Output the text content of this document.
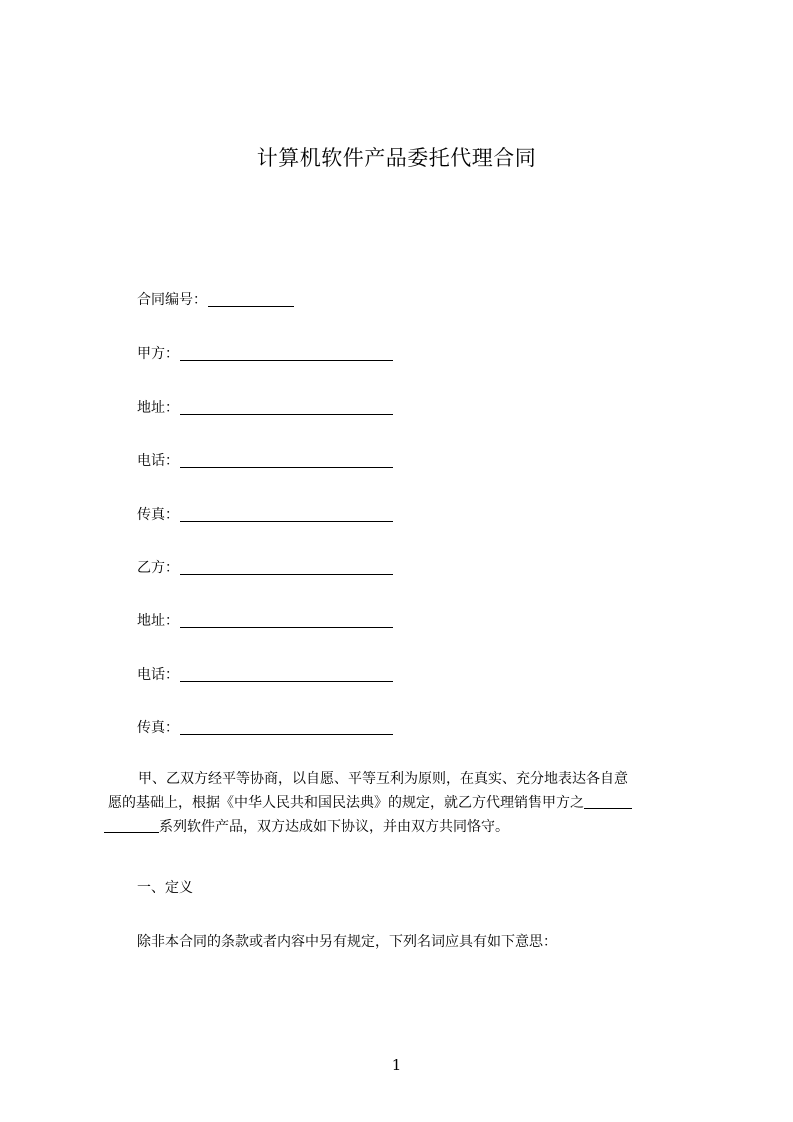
计算机软件产品委托代理合同
合同编号：
甲方：
地址：
电话：
传真：
乙方：
地址：
电话：
传真：
甲、乙双方经平等协商，以自愿、平等互利为原则，在真实、充分地表达各自意
愿的基础上，根据《中华人民共和国民法典》的规定，就乙方代理销售甲方之
系列软件产品，双方达成如下协议，并由双方共同恪守。
一、定义
除非本合同的条款或者内容中另有规定，下列名词应具有如下意思：
1
